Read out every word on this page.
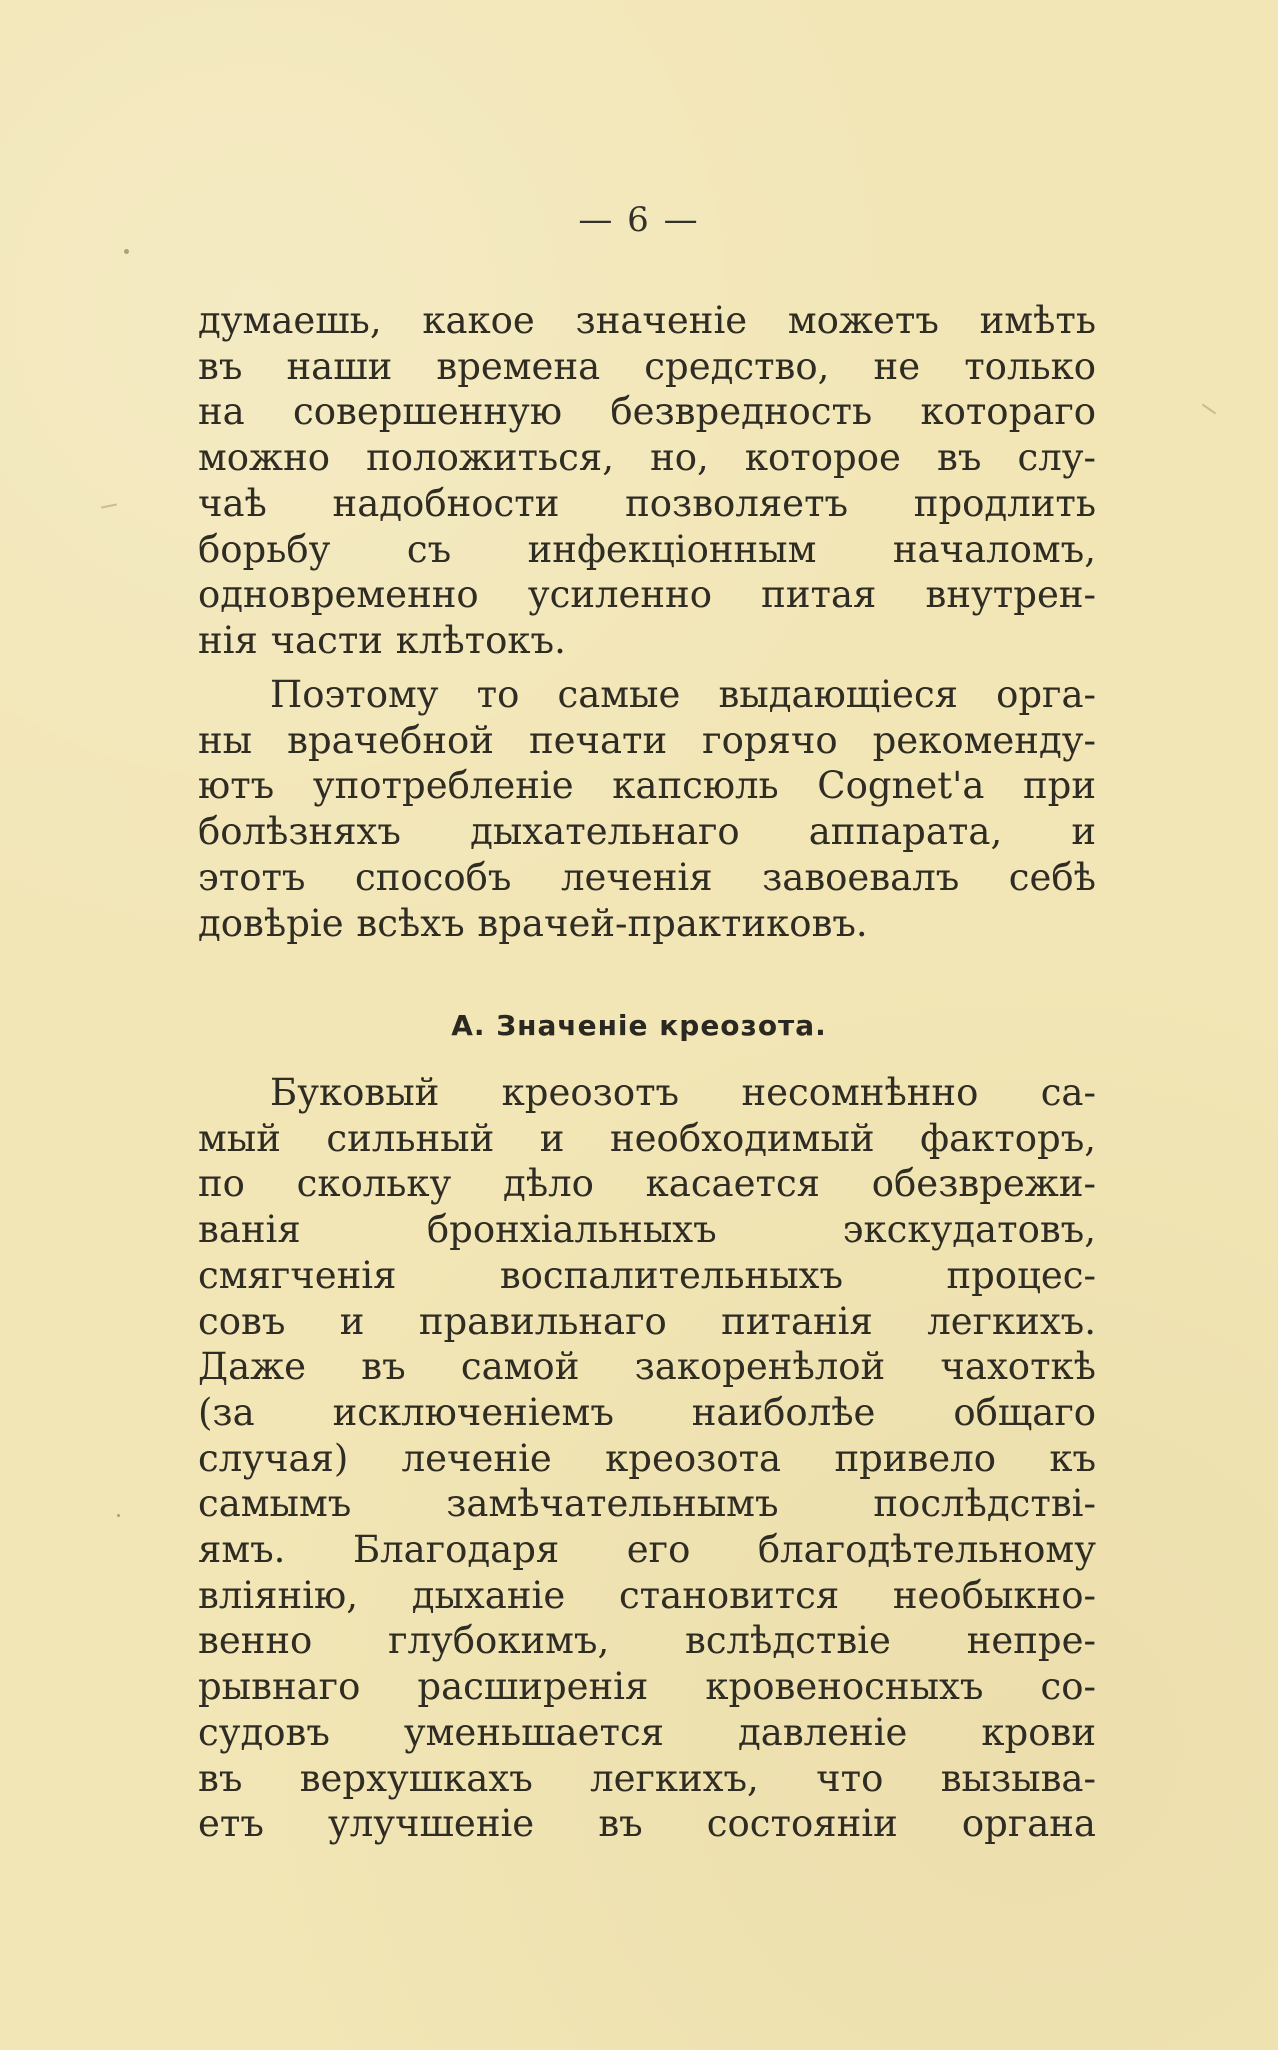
— 6 —
думаешь, какое значеніе можетъ имѣть
въ наши времена средство, не только
на совершенную безвредность котораго
можно положиться, но, которое въ слу-
чаѣ надобности позволяетъ продлить
борьбу съ инфекціонным началомъ,
одновременно усиленно питая внутрен-
нія части клѣтокъ.
Поэтому то самые выдающіеся орга-
ны врачебной печати горячо рекоменду-
ютъ употребленіе капсюль Cognet'а при
болѣзняхъ дыхательнаго аппарата, и
этотъ способъ леченія завоевалъ себѣ
довѣріе всѣхъ врачей-практиковъ.
А. Значеніе креозота.
Буковый креозотъ несомнѣнно са-
мый сильный и необходимый факторъ,
по скольку дѣло касается обезврежи-
ванія бронхіальныхъ экскудатовъ,
смягченія воспалительныхъ процес-
совъ и правильнаго питанія легкихъ.
Даже въ самой закоренѣлой чахоткѣ
(за исключеніемъ наиболѣе общаго
случая) леченіе креозота привело къ
самымъ замѣчательнымъ послѣдстві-
ямъ. Благодаря его благодѣтельному
вліянію, дыханіе становится необыкно-
венно глубокимъ, вслѣдствіе непре-
рывнаго расширенія кровеносныхъ со-
судовъ уменьшается давленіе крови
въ верхушкахъ легкихъ, что вызыва-
етъ улучшеніе въ состояніи органа
